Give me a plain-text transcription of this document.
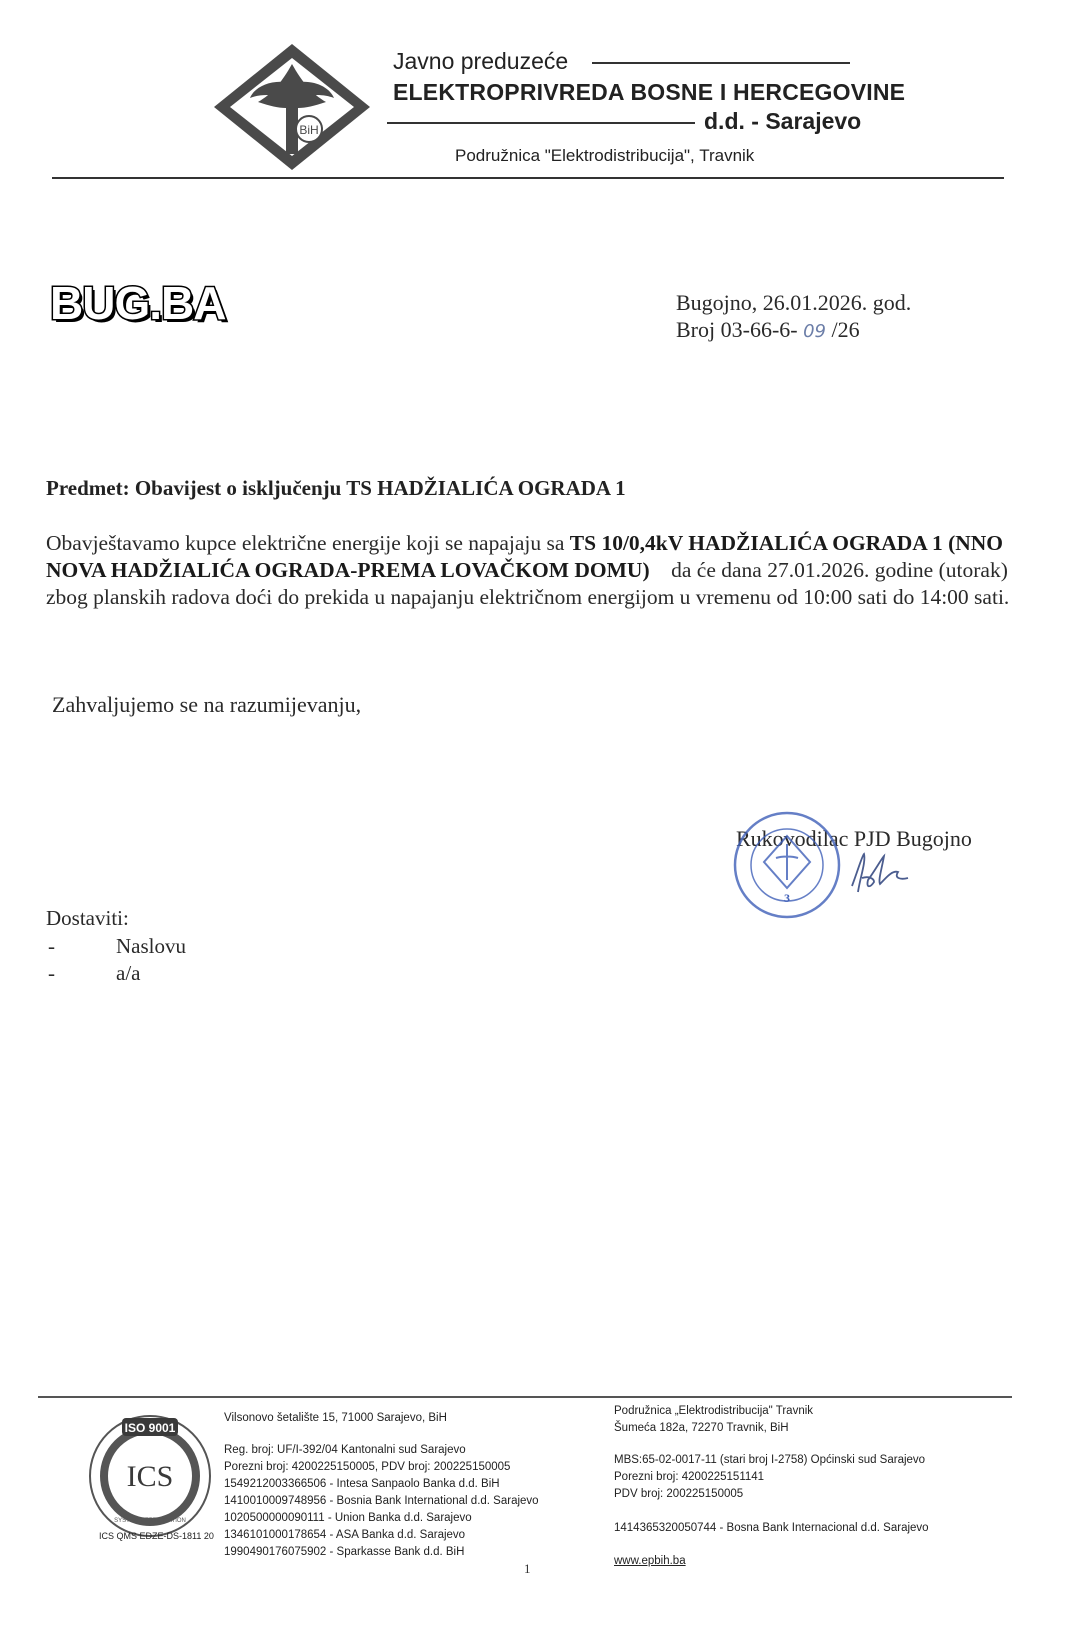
BiH
Javno preduzeće
ELEKTROPRIVREDA BOSNE I HERCEGOVINE
d.d. - Sarajevo
Podružnica "Elektrodistribucija", Travnik
BUG.BA	Bugojno, 26.01.2026. god.
Broj 03-66-6- 09 /26
Predmet: Obavijest o isključenju TS HADŽIALIĆA OGRADA 1
Obavještavamo kupce električne energije koji se napajaju sa TS 10/0,4kV HADŽIALIĆA OGRADA 1 (NNO NOVA HADŽIALIĆA OGRADA-PREMA LOVAČKOM DOMU) da će dana 27.01.2026. godine (utorak) zbog planskih radova doći do prekida u napajanju električnom energijom u vremenu od 10:00 sati do 14:00 sati.
Zahvaljujemo se na razumijevanju,
Rukovodilac PJD Bugojno
3
Dostaviti:
-	Naslovu
-	a/a
ISO 9001
ICS
SYSTEM CERTIFICATION
ICS QMS EDZE-DS-1811 20
Vilsonovo šetalište 15, 71000 Sarajevo, BiH
Reg. broj: UF/I-392/04 Kantonalni sud Sarajevo
Porezni broj: 4200225150005, PDV broj: 200225150005
1549212003366506 - Intesa Sanpaolo Banka d.d. BiH
1410010009748956 - Bosnia Bank International d.d. Sarajevo
1020500000090111 - Union Banka d.d. Sarajevo
1346101000178654 - ASA Banka d.d. Sarajevo
1990490176075902 - Sparkasse Bank d.d. BiH
Podružnica „Elektrodistribucija" Travnik
Šumeća 182a, 72270 Travnik, BiH
MBS:65-02-0017-11 (stari broj I-2758) Općinski sud Sarajevo
Porezni broj: 4200225151141
PDV broj: 200225150005
1414365320050744 - Bosna Bank Internacional d.d. Sarajevo
www.epbih.ba
1
